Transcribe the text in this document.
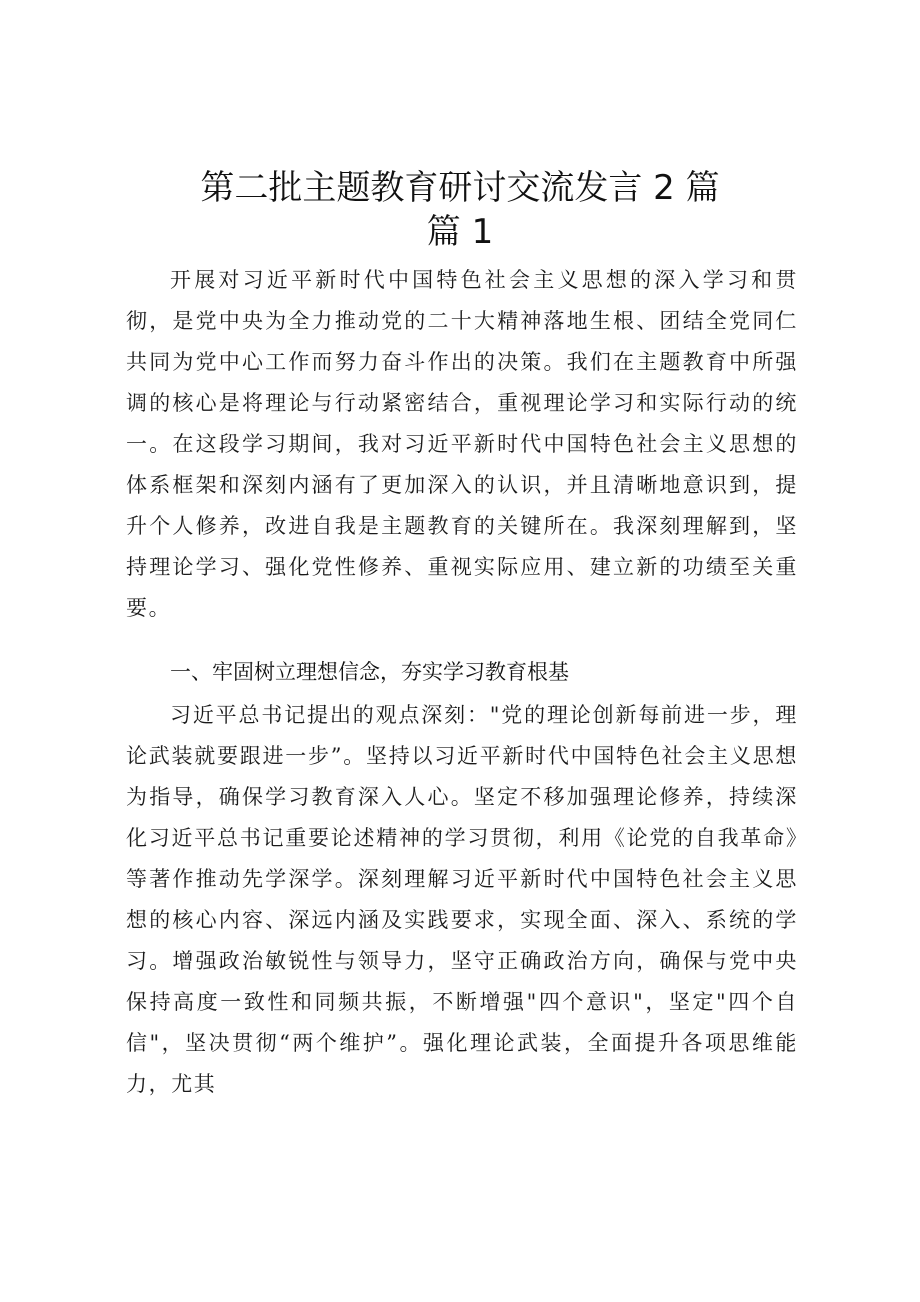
第二批主题教育研讨交流发言 2 篇
篇 1

开展对习近平新时代中国特色社会主义思想的深入学习和贯彻，是党中央为全力推动党的二十大精神落地生根、团结全党同仁共同为党中心工作而努力奋斗作出的决策。我们在主题教育中所强调的核心是将理论与行动紧密结合，重视理论学习和实际行动的统一。在这段学习期间，我对习近平新时代中国特色社会主义思想的体系框架和深刻内涵有了更加深入的认识，并且清晰地意识到，提升个人修养，改进自我是主题教育的关键所在。我深刻理解到，坚持理论学习、强化党性修养、重视实际应用、建立新的功绩至关重要。

一、牢固树立理想信念，夯实学习教育根基

习近平总书记提出的观点深刻："党的理论创新每前进一步，理论武装就要跟进一步”。坚持以习近平新时代中国特色社会主义思想为指导，确保学习教育深入人心。坚定不移加强理论修养，持续深化习近平总书记重要论述精神的学习贯彻，利用《论党的自我革命》等著作推动先学深学。深刻理解习近平新时代中国特色社会主义思想的核心内容、深远内涵及实践要求，实现全面、深入、系统的学习。增强政治敏锐性与领导力，坚守正确政治方向，确保与党中央保持高度一致性和同频共振，不断增强"四个意识"，坚定"四个自信"，坚决贯彻“两个维护”。强化理论武装，全面提升各项思维能力，尤其
